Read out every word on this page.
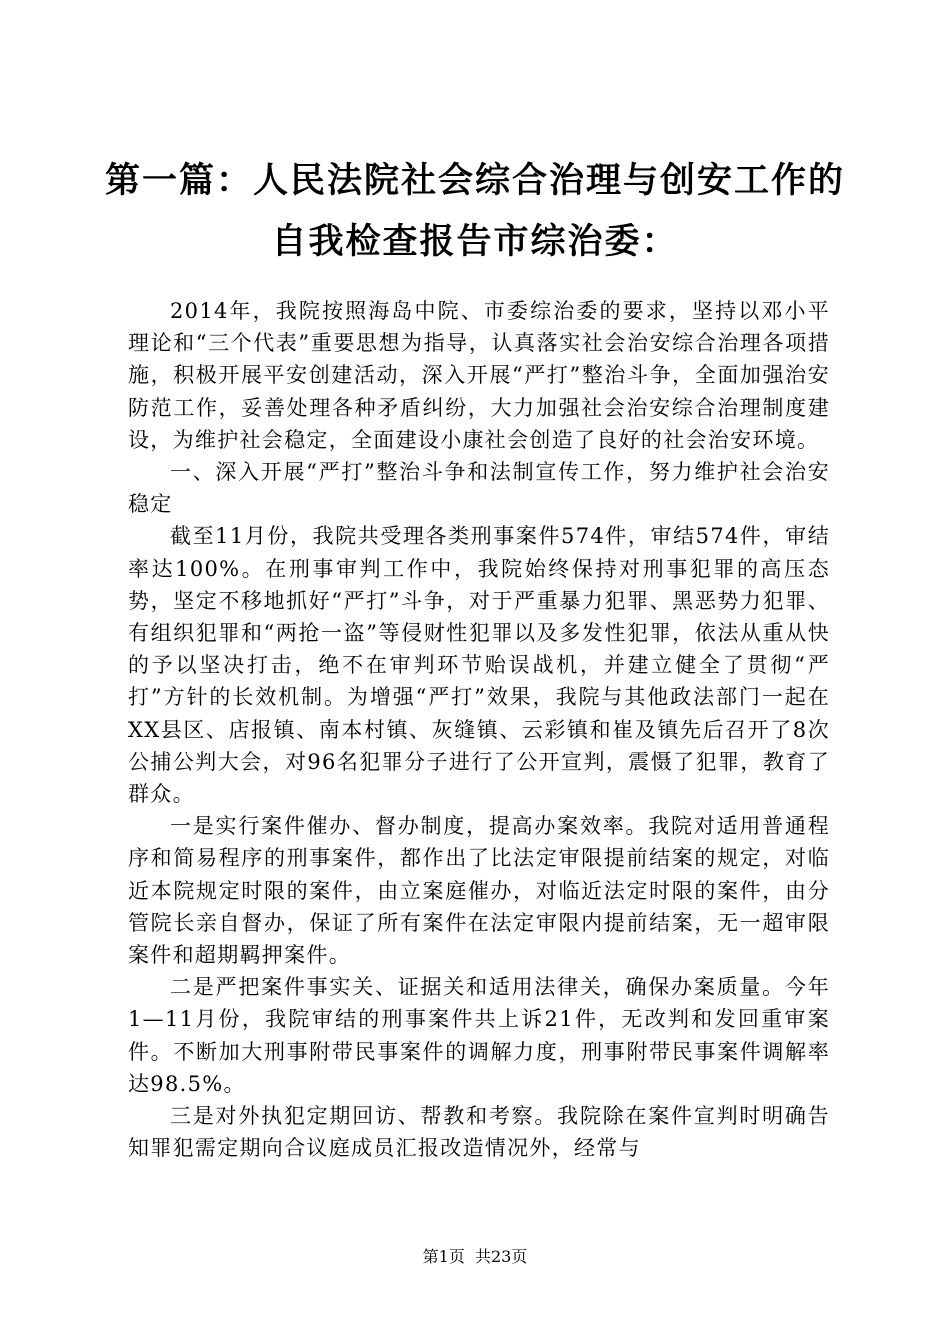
第一篇：人民法院社会综合治理与创安工作的
自我检查报告市综治委：

2014年，我院按照海岛中院、市委综治委的要求，坚持以邓小平理论和“三个代表”重要思想为指导，认真落实社会治安综合治理各项措施，积极开展平安创建活动，深入开展“严打”整治斗争，全面加强治安防范工作，妥善处理各种矛盾纠纷，大力加强社会治安综合治理制度建设，为维护社会稳定，全面建设小康社会创造了良好的社会治安环境。

一、深入开展“严打”整治斗争和法制宣传工作，努力维护社会治安稳定

截至11月份，我院共受理各类刑事案件574件，审结574件，审结率达100%。在刑事审判工作中，我院始终保持对刑事犯罪的高压态势，坚定不移地抓好“严打”斗争，对于严重暴力犯罪、黑恶势力犯罪、有组织犯罪和“两抢一盗”等侵财性犯罪以及多发性犯罪，依法从重从快的予以坚决打击，绝不在审判环节贻误战机，并建立健全了贯彻“严打”方针的长效机制。为增强“严打”效果，我院与其他政法部门一起在XX县区、店报镇、南本村镇、灰缝镇、云彩镇和崔及镇先后召开了8次公捕公判大会，对96名犯罪分子进行了公开宣判，震慑了犯罪，教育了群众。

一是实行案件催办、督办制度，提高办案效率。我院对适用普通程序和简易程序的刑事案件，都作出了比法定审限提前结案的规定，对临近本院规定时限的案件，由立案庭催办，对临近法定时限的案件，由分管院长亲自督办，保证了所有案件在法定审限内提前结案，无一超审限案件和超期羁押案件。

二是严把案件事实关、证据关和适用法律关，确保办案质量。今年1—11月份，我院审结的刑事案件共上诉21件，无改判和发回重审案件。不断加大刑事附带民事案件的调解力度，刑事附带民事案件调解率达98.5%。

三是对外执犯定期回访、帮教和考察。我院除在案件宣判时明确告知罪犯需定期向合议庭成员汇报改造情况外，经常与

第1页  共23页
